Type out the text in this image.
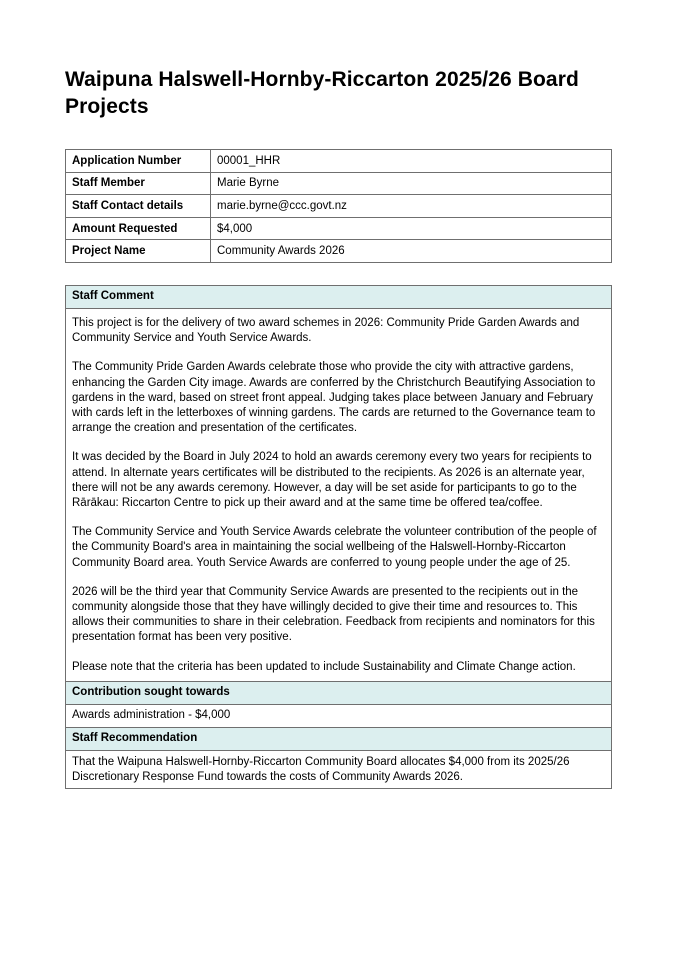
Waipuna Halswell-Hornby-Riccarton 2025/26 Board Projects
Application Number	00001_HHR
Staff Member	Marie Byrne
Staff Contact details	marie.byrne@ccc.govt.nz
Amount Requested	$4,000
Project Name	Community Awards 2026
Staff Comment

This project is for the delivery of two award schemes in 2026: Community Pride Garden Awards and Community Service and Youth Service Awards.

The Community Pride Garden Awards celebrate those who provide the city with attractive gardens, enhancing the Garden City image. Awards are conferred by the Christchurch Beautifying Association to gardens in the ward, based on street front appeal. Judging takes place between January and February with cards left in the letterboxes of winning gardens. The cards are returned to the Governance team to arrange the creation and presentation of the certificates.

It was decided by the Board in July 2024 to hold an awards ceremony every two years for recipients to attend. In alternate years certificates will be distributed to the recipients. As 2026 is an alternate year, there will not be any awards ceremony. However, a day will be set aside for participants to go to the Rārākau: Riccarton Centre to pick up their award and at the same time be offered tea/coffee.

The Community Service and Youth Service Awards celebrate the volunteer contribution of the people of the Community Board's area in maintaining the social wellbeing of the Halswell-Hornby-Riccarton Community Board area. Youth Service Awards are conferred to young people under the age of 25.

2026 will be the third year that Community Service Awards are presented to the recipients out in the community alongside those that they have willingly decided to give their time and resources to. This allows their communities to share in their celebration. Feedback from recipients and nominators for this presentation format has been very positive.

Please note that the criteria has been updated to include Sustainability and Climate Change action.

Contribution sought towards
Awards administration - $4,000
Staff Recommendation
That the Waipuna Halswell-Hornby-Riccarton Community Board allocates $4,000 from its 2025/26 Discretionary Response Fund towards the costs of Community Awards 2026.
